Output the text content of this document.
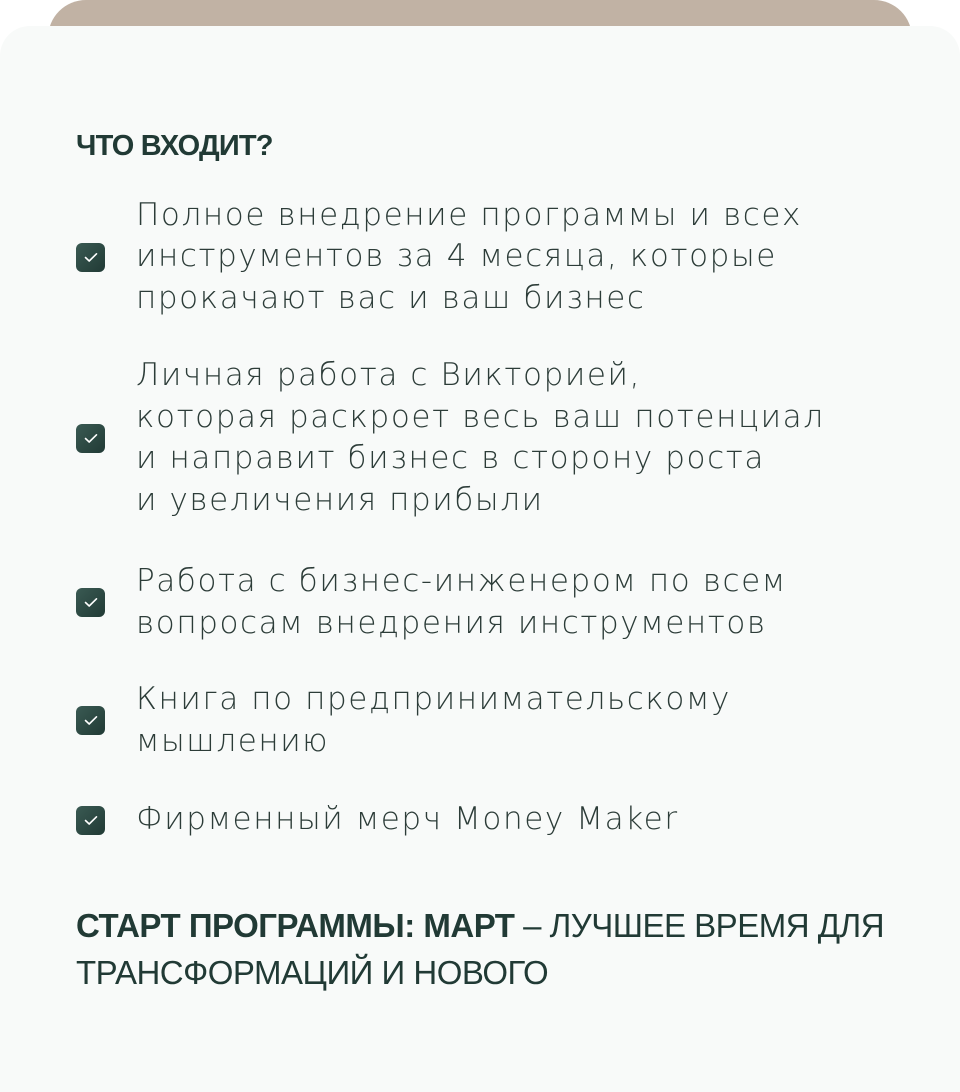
ЧТО ВХОДИТ?
Полное внедрение программы и всех
инструментов за 4 месяца, которые
прокачают вас и ваш бизнес
Личная работа с Викторией,
которая раскроет весь ваш потенциал
и направит бизнес в сторону роста
и увеличения прибыли
Работа с бизнес-инженером по всем
вопросам внедрения инструментов
Книга по предпринимательскому
мышлению
Фирменный мерч Money Maker

СТАРТ ПРОГРАММЫ: МАРТ – ЛУЧШЕЕ ВРЕМЯ ДЛЯ ТРАНСФОРМАЦИЙ И НОВОГО
